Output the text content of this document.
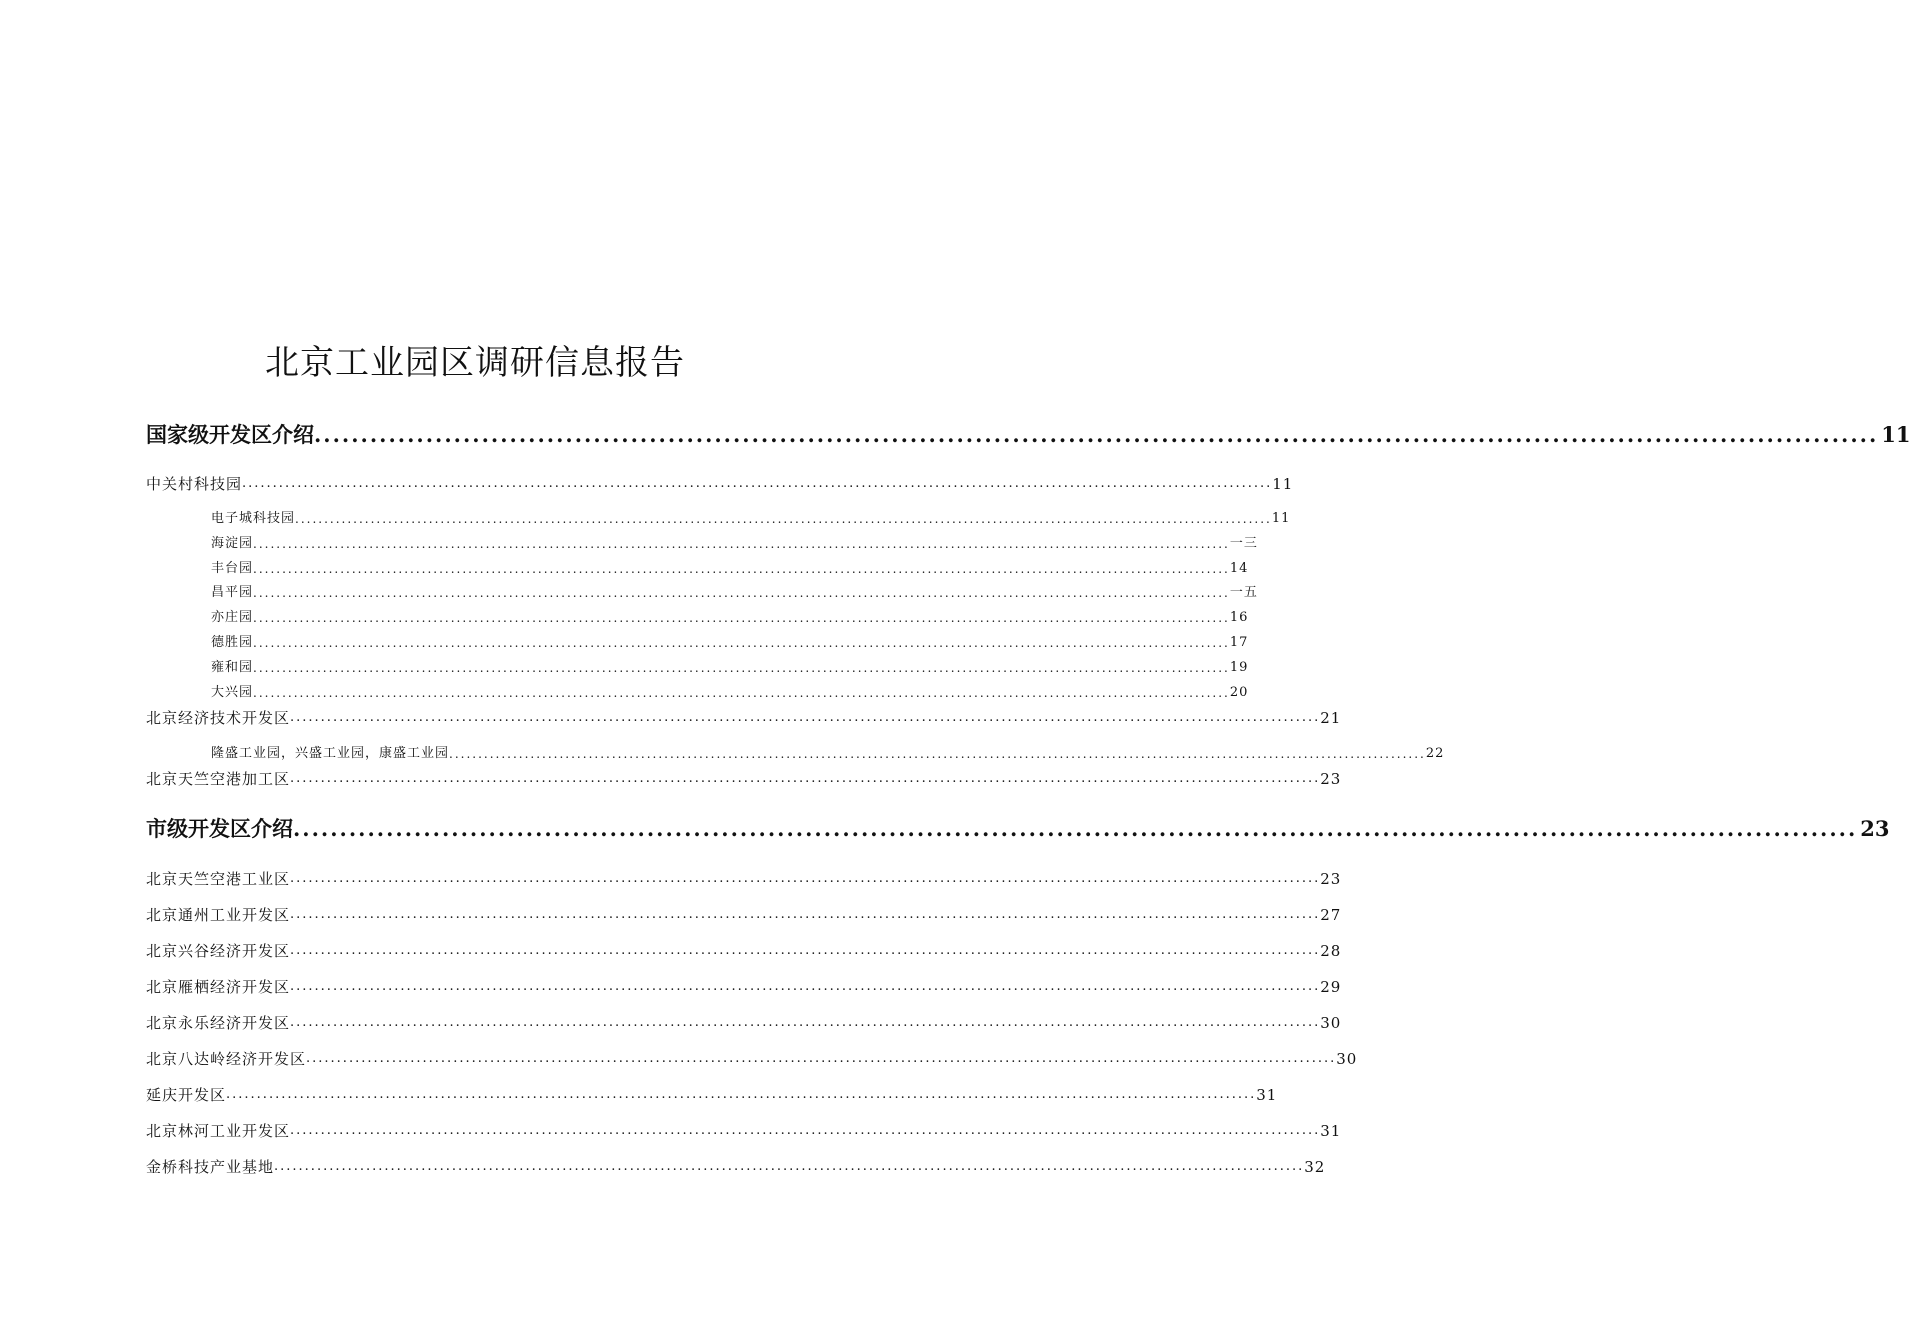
北京工业园区调研信息报告
国家级开发区介绍 ........................................................................................................................................................................ 11
中关村科技园 ........................................................................................................................................................................ 11
电子城科技园 ........................................................................................................................................................................ 11
海淀园 ........................................................................................................................................................................ 一三
丰台园 ........................................................................................................................................................................ 14
昌平园 ........................................................................................................................................................................ 一五
亦庄园 ........................................................................................................................................................................ 16
德胜园 ........................................................................................................................................................................ 17
雍和园 ........................................................................................................................................................................ 19
大兴园 ........................................................................................................................................................................ 20
北京经济技术开发区 ........................................................................................................................................................................ 21
隆盛工业园，兴盛工业园，康盛工业园 ........................................................................................................................................................................ 22
北京天竺空港加工区 ........................................................................................................................................................................ 23
市级开发区介绍 ........................................................................................................................................................................ 23
北京天竺空港工业区 ........................................................................................................................................................................ 23
北京通州工业开发区 ........................................................................................................................................................................ 27
北京兴谷经济开发区 ........................................................................................................................................................................ 28
北京雁栖经济开发区 ........................................................................................................................................................................ 29
北京永乐经济开发区 ........................................................................................................................................................................ 30
北京八达岭经济开发区 ........................................................................................................................................................................ 30
延庆开发区 ........................................................................................................................................................................ 31
北京林河工业开发区 ........................................................................................................................................................................ 31
金桥科技产业基地 ........................................................................................................................................................................ 32
